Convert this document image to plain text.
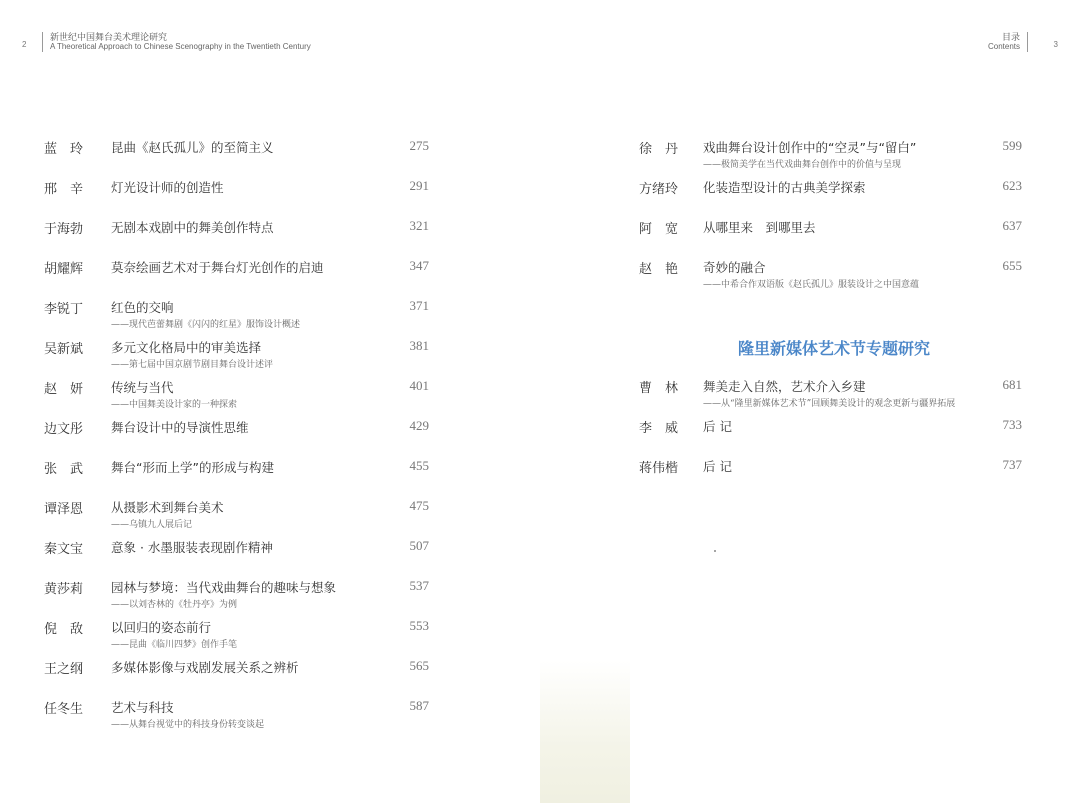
2
新世纪中国舞台美术理论研究
A Theoretical Approach to Chinese Scenography in the Twentieth Century
目录
Contents	3
蓝　玲	昆曲《赵氏孤儿》的至简主义	275
邢　辛	灯光设计师的创造性	291
于海勃	无剧本戏剧中的舞美创作特点	321
胡耀辉	莫奈绘画艺术对于舞台灯光创作的启迪	347
李锐丁	红色的交响
——现代芭蕾舞剧《闪闪的红星》服饰设计概述
371
吴新斌	多元文化格局中的审美选择
——第七届中国京剧节剧目舞台设计述评
381
赵　妍	传统与当代
——中国舞美设计家的一种探索
401
边文彤	舞台设计中的导演性思维	429
张　武	舞台“形而上学”的形成与构建	455
谭泽恩	从摄影术到舞台美术
——乌镇九人展后记
475
秦文宝	意象 · 水墨服装表现剧作精神	507
黄莎莉	园林与梦境：当代戏曲舞台的趣味与想象
——以刘杏林的《牡丹亭》为例
537
倪　敌	以回归的姿态前行
——昆曲《临川四梦》创作手笔
553
王之纲	多媒体影像与戏剧发展关系之辨析	565
任冬生	艺术与科技
——从舞台视觉中的科技身份转变谈起
587
徐　丹	戏曲舞台设计创作中的“空灵”与“留白”
——极简美学在当代戏曲舞台创作中的价值与呈现
599
方绪玲	化装造型设计的古典美学探索	623
阿　宽	从哪里来　到哪里去	637
赵　艳	奇妙的融合
——中希合作双语版《赵氏孤儿》服装设计之中国意蕴
655
曹　林	舞美走入自然，艺术介入乡建
——从“隆里新媒体艺术节”回顾舞美设计的观念更新与疆界拓展
681
李　威	后 记	733
蒋伟楷	后 记	737
隆里新媒体艺术节专题研究
